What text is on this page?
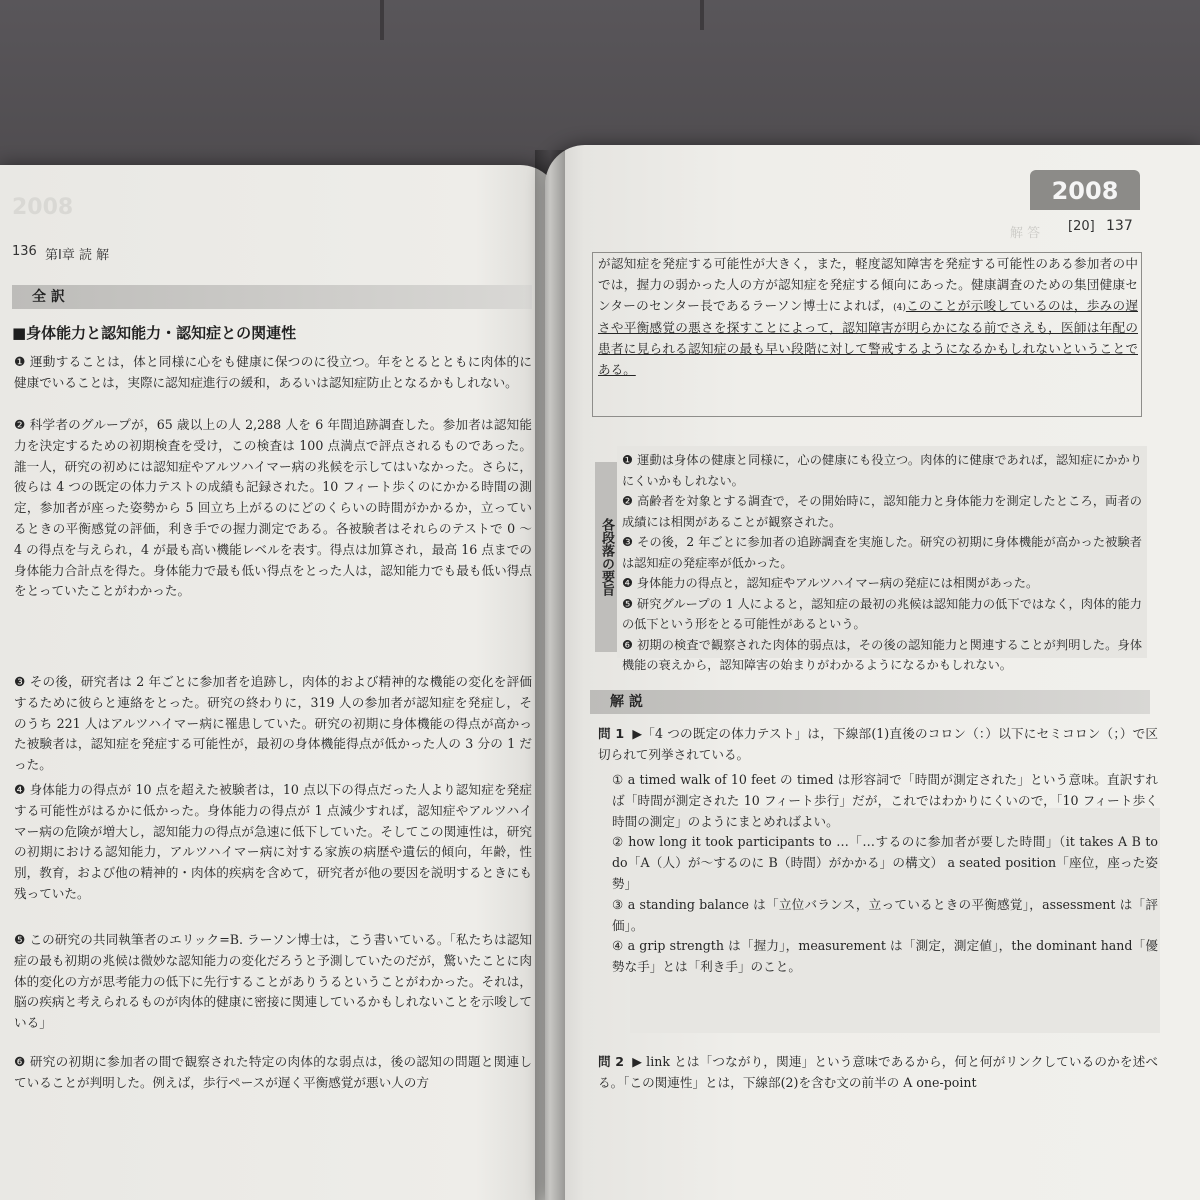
2008
136 第Ⅰ章 読 解
全 訳
■身体能力と認知能力・認知症との関連性
❶ 運動することは，体と同様に心をも健康に保つのに役立つ。年をとるとともに肉体的に健康でいることは，実際に認知症進行の緩和，あるいは認知症防止となるかもしれない。
❷ 科学者のグループが，65 歳以上の人 2,288 人を 6 年間追跡調査した。参加者は認知能力を決定するための初期検査を受け，この検査は 100 点満点で評点されるものであった。誰一人，研究の初めには認知症やアルツハイマー病の兆候を示してはいなかった。さらに，彼らは 4 つの既定の体力テストの成績も記録された。10 フィート歩くのにかかる時間の測定，参加者が座った姿勢から 5 回立ち上がるのにどのくらいの時間がかかるか，立っているときの平衡感覚の評価，利き手での握力測定である。各被験者はそれらのテストで 0 ～ 4 の得点を与えられ，4 が最も高い機能レベルを表す。得点は加算され，最高 16 点までの身体能力合計点を得た。身体能力で最も低い得点をとった人は，認知能力でも最も低い得点をとっていたことがわかった。
❸ その後，研究者は 2 年ごとに参加者を追跡し，肉体的および精神的な機能の変化を評価するために彼らと連絡をとった。研究の終わりに，319 人の参加者が認知症を発症し，そのうち 221 人はアルツハイマー病に罹患していた。研究の初期に身体機能の得点が高かった被験者は，認知症を発症する可能性が，最初の身体機能得点が低かった人の 3 分の 1 だった。
❹ 身体能力の得点が 10 点を超えた被験者は，10 点以下の得点だった人より認知症を発症する可能性がはるかに低かった。身体能力の得点が 1 点減少すれば，認知症やアルツハイマー病の危険が増大し，認知能力の得点が急速に低下していた。そしてこの関連性は，研究の初期における認知能力，アルツハイマー病に対する家族の病歴や遺伝的傾向，年齢，性別，教育，および他の精神的・肉体的疾病を含めて，研究者が他の要因を説明するときにも残っていた。
❺ この研究の共同執筆者のエリック=B. ラーソン博士は，こう書いている。「私たちは認知症の最も初期の兆候は微妙な認知能力の変化だろうと予測していたのだが，驚いたことに肉体的変化の方が思考能力の低下に先行することがありうるということがわかった。それは，脳の疾病と考えられるものが肉体的健康に密接に関連しているかもしれないことを示唆している」
❻ 研究の初期に参加者の間で観察された特定の肉体的な弱点は，後の認知の問題と関連していることが判明した。例えば，歩行ペースが遅く平衡感覚が悪い人の方
2008
解 答 [20] 137
が認知症を発症する可能性が大きく，また，軽度認知障害を発症する可能性のある参加者の中では，握力の弱かった人の方が認知症を発症する傾向にあった。健康調査のための集団健康センターのセンター長であるラーソン博士によれば，(4)このことが示唆しているのは，歩みの遅さや平衡感覚の悪さを探すことによって，認知障害が明らかになる前でさえも，医師は年配の患者に見られる認知症の最も早い段階に対して警戒するようになるかもしれないということである。
各段落の要旨
❶ 運動は身体の健康と同様に，心の健康にも役立つ。肉体的に健康であれば，認知症にかかりにくいかもしれない。
❷ 高齢者を対象とする調査で，その開始時に，認知能力と身体能力を測定したところ，両者の成績には相関があることが観察された。
❸ その後，2 年ごとに参加者の追跡調査を実施した。研究の初期に身体機能が高かった被験者は認知症の発症率が低かった。
❹ 身体能力の得点と，認知症やアルツハイマー病の発症には相関があった。
❺ 研究グループの 1 人によると，認知症の最初の兆候は認知能力の低下ではなく，肉体的能力の低下という形をとる可能性があるという。
❻ 初期の検査で観察された肉体的弱点は，その後の認知能力と関連することが判明した。身体機能の衰えから，認知障害の始まりがわかるようになるかもしれない。
解 説
問 1 ▶「4 つの既定の体力テスト」は，下線部(1)直後のコロン（：）以下にセミコロン（；）で区切られて列挙されている。
① a timed walk of 10 feet の timed は形容詞で「時間が測定された」という意味。直訳すれば「時間が測定された 10 フィート歩行」だが，これではわかりにくいので，「10 フィート歩く時間の測定」のようにまとめればよい。
② how long it took participants to …「…するのに参加者が要した時間」（it takes A B to do「A（人）が～するのに B（時間）がかかる」の構文） a seated position「座位，座った姿勢」
③ a standing balance は「立位バランス，立っているときの平衡感覚」，assessment は「評価」。
④ a grip strength は「握力」，measurement は「測定，測定値」，the dominant hand「優勢な手」とは「利き手」のこと。
問 2 ▶ link とは「つながり，関連」という意味であるから，何と何がリンクしているのかを述べる。「この関連性」とは，下線部(2)を含む文の前半の A one-point
